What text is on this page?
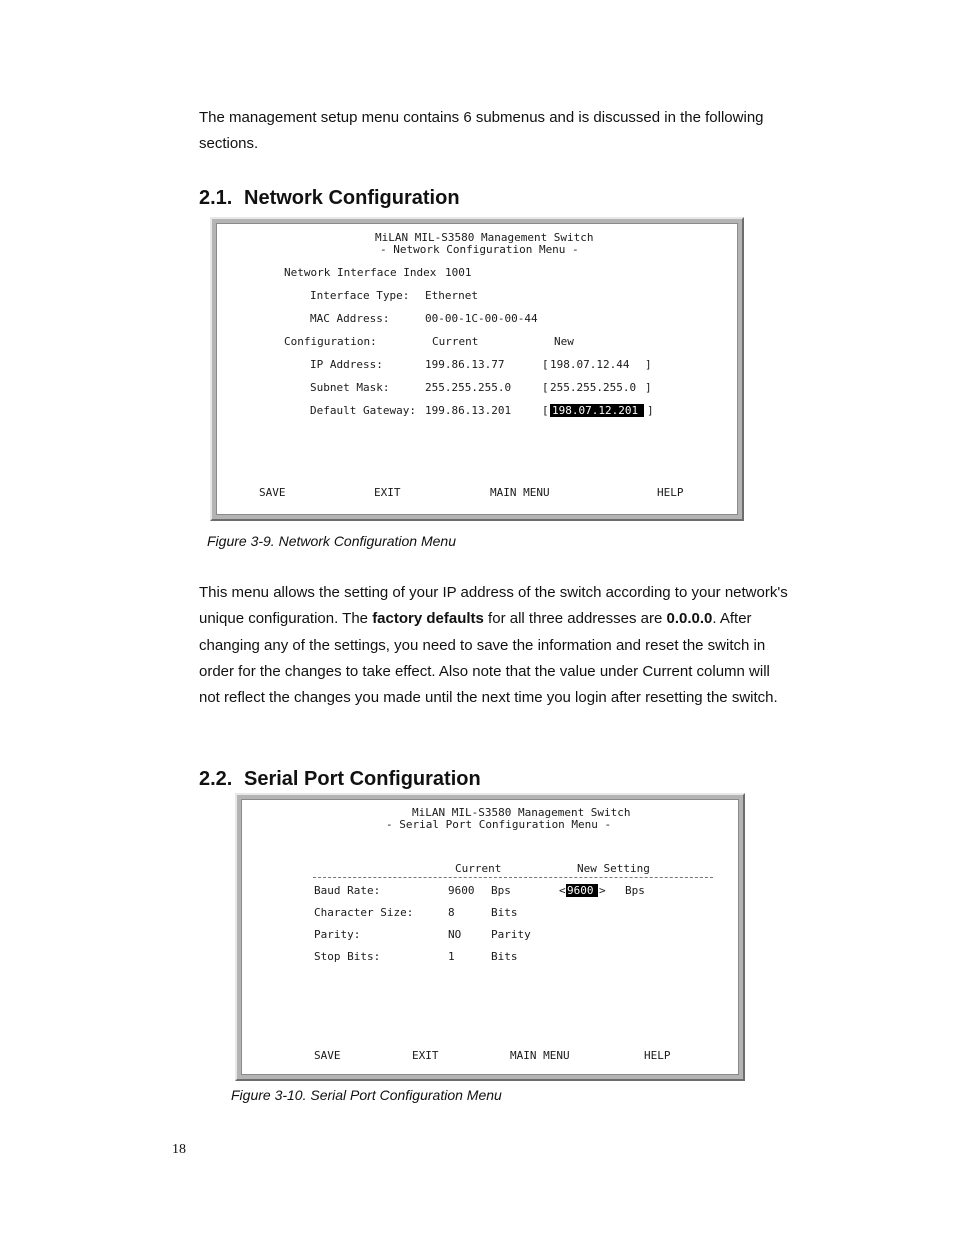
The management setup menu contains 6 submenus and is discussed in the following sections.

2.1. Network Configuration
MiLAN MIL-S3580 Management Switch
- Network Configuration Menu -
Network Interface Index 1001
Interface Type: Ethernet
MAC Address:	00-00-1C-00-00-44
Configuration:	Current	New
IP Address:	199.86.13.77	[ 198.07.12.44 ]
Subnet Mask:	255.255.255.0	[ 255.255.255.0 ]
Default Gateway: 199.86.13.201	[ 198.07.12.201 ]
SAVE	EXIT	MAIN MENU	HELP

Figure 3-9. Network Configuration Menu

This menu allows the setting of your IP address of the switch according to your network's unique configuration. The factory defaults for all three addresses are 0.0.0.0. After changing any of the settings, you need to save the information and reset the switch in order for the changes to take effect. Also note that the value under Current column will not reflect the changes you made until the next time you login after resetting the switch.

2.2. Serial Port Configuration
MiLAN MIL-S3580 Management Switch
- Serial Port Configuration Menu -
Current	New Setting
Baud Rate:	9600 Bps	< 9600 > Bps
Character Size:	8	Bits
Parity:	NO	Parity
Stop Bits:	1	Bits
SAVE	EXIT	MAIN MENU	HELP

Figure 3-10. Serial Port Configuration Menu

18
